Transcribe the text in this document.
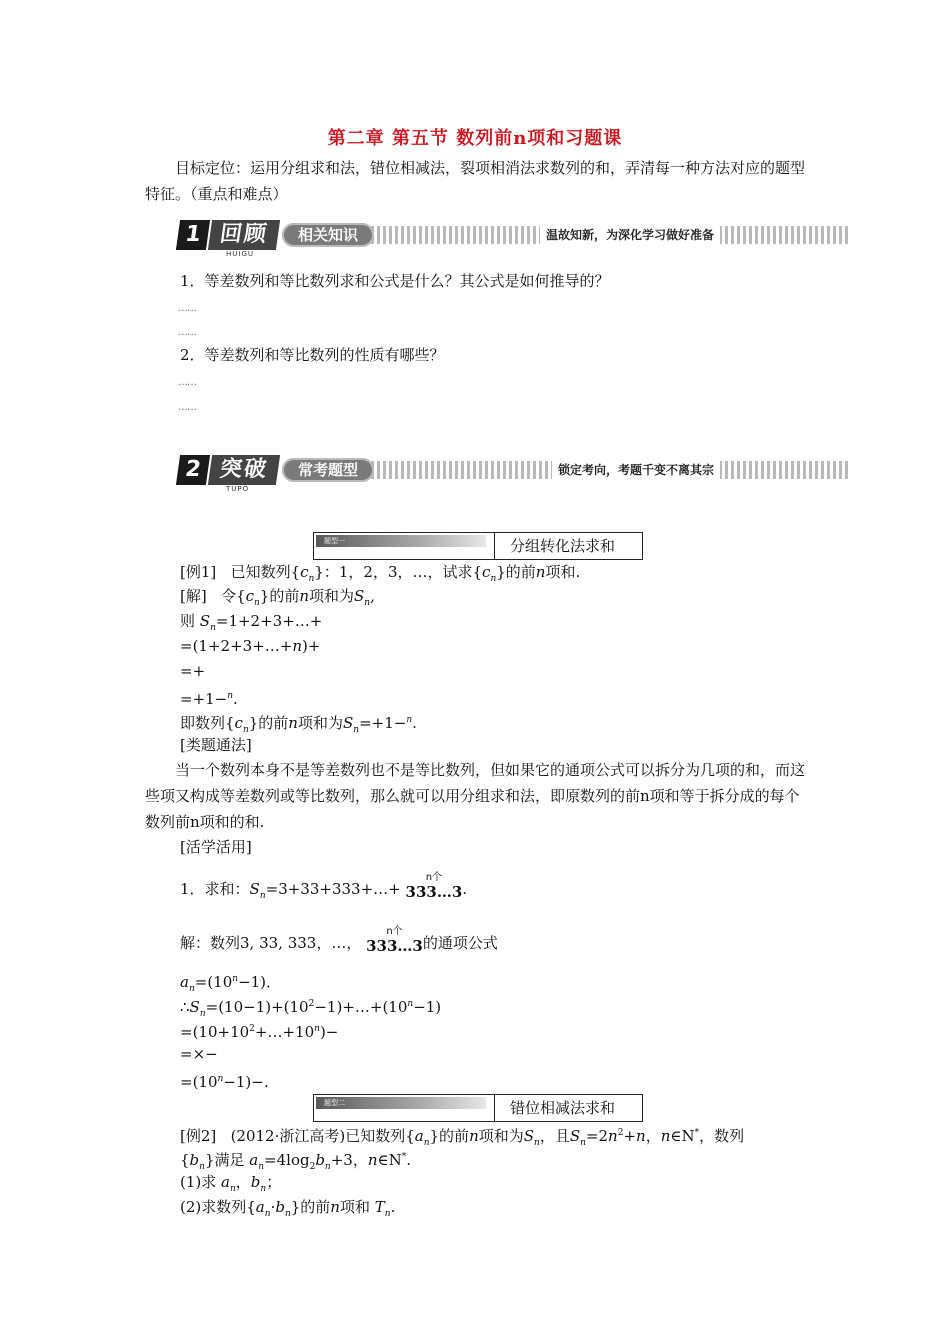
第二章 第五节 数列前n项和习题课
目标定位：运用分组求和法，错位相减法，裂项相消法求数列的和，弄清每一种方法对应的题型特征。（重点和难点）
1 回顾
HUIGU
相关知识	温故知新，为深化学习做好准备
1．等差数列和等比数列求和公式是什么？其公式是如何推导的？
……
……
2．等差数列和等比数列的性质有哪些？
……
……
2 突破
TUPO
常考题型	锁定考向，考题千变不离其宗
题型一	分组转化法求和
[例1] 已知数列$\{c_n\}$：1，2，3，…，试求$\{c_n\}$的前n项和.
[解] 令$\{c_n\}$的前n项和为$S_n$,
则 $S_n=1+2+3+\dots+$
=(1+2+3+…+n)+
=+
=+1−$^n$.
即数列$\{c_n\}$的前n项和为$S_n=+1-^n$.
[类题通法]
当一个数列本身不是等差数列也不是等比数列，但如果它的通项公式可以拆分为几项的和，而这些项又构成等差数列或等比数列，那么就可以用分组求和法，即原数列的前n项和等于拆分成的每个数列前n项和的和.
[活学活用]
1．求和：$S_n=3+33+333+\dots+$
n个
333…3 .
解：数列3, 33, 333，…，
n个
333…3 的通项公式
$a_n=(10^n-1)$．
$\therefore S_n=(10-1)+(10^2-1)+\dots+(10^n-1)$
$=(10+10^2+\dots+10^n)-$
=×−
$=(10^n-1)-$.
题型二	错位相减法求和
[例2] (2012·浙江高考)已知数列$\{a_n\}$的前n项和为$S_n$，且$S_n=2n^2+n$，n∈N*，数列
$\{b_n\}$满足 $a_n=4\log_2b_n+3$，n∈N*.
(1)求 $a_n$，$b_n$；
(2)求数列$\{a_n\cdot b_n\}$的前n项和 $T_n$.
